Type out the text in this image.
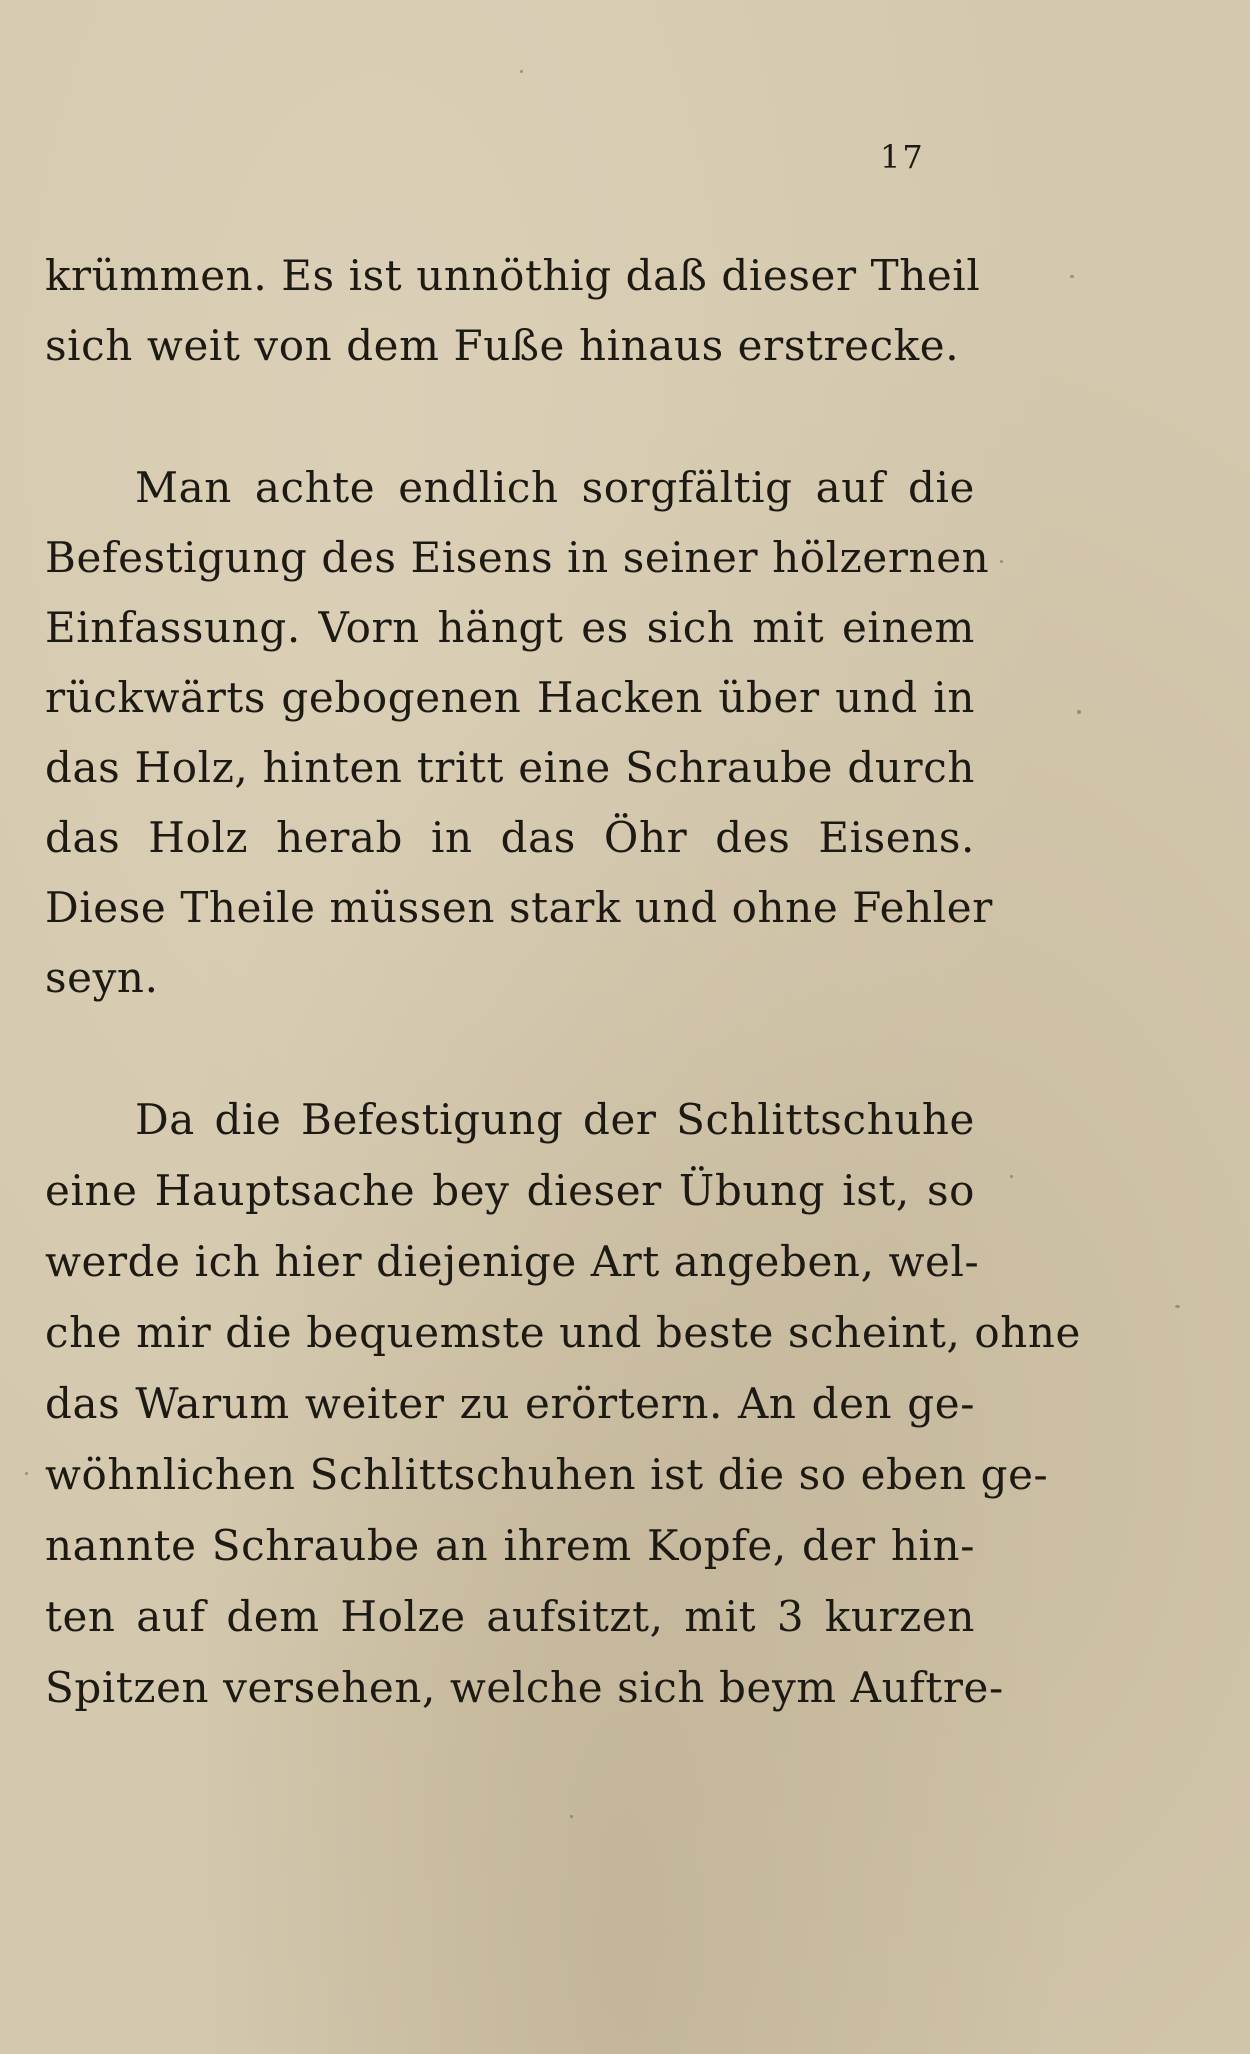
17
krümmen. Es ist unnöthig daß dieser Theil
sich weit von dem Fuße hinaus erstrecke.
Man achte endlich sorgfältig auf die
Befestigung des Eisens in seiner hölzernen
Einfassung. Vorn hängt es sich mit einem
rückwärts gebogenen Hacken über und in
das Holz, hinten tritt eine Schraube durch
das Holz herab in das Öhr des Eisens.
Diese Theile müssen stark und ohne Fehler
seyn.
Da die Befestigung der Schlittschuhe
eine Hauptsache bey dieser Übung ist, so
werde ich hier diejenige Art angeben, wel-
che mir die bequemste und beste scheint, ohne
das Warum weiter zu erörtern. An den ge-
wöhnlichen Schlittschuhen ist die so eben ge-
nannte Schraube an ihrem Kopfe, der hin-
ten auf dem Holze aufsitzt, mit 3 kurzen
Spitzen versehen, welche sich beym Auftre-
